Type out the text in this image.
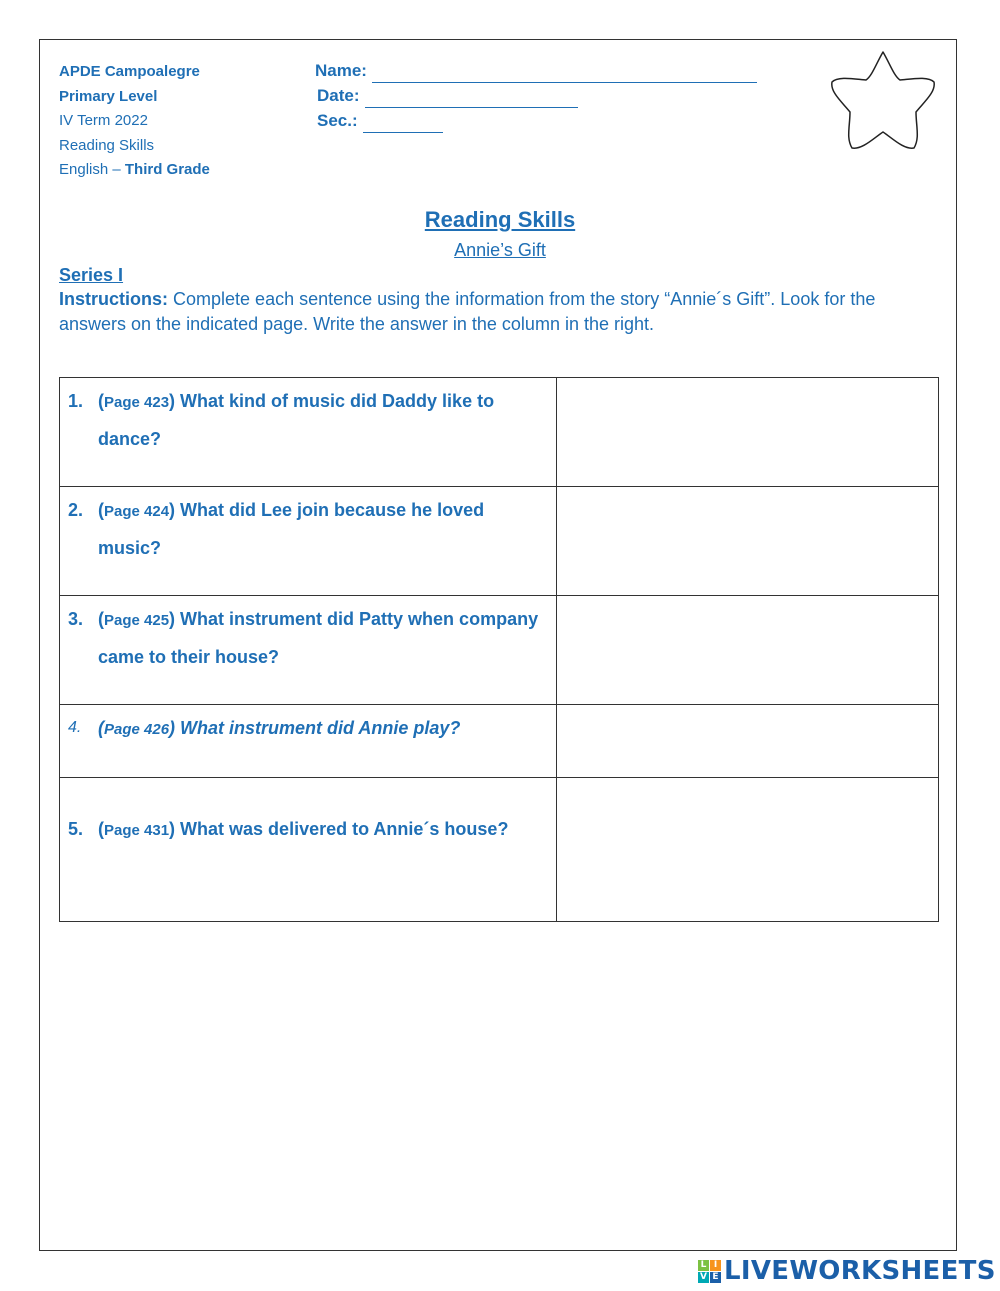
APDE Campoalegre
Primary Level
IV Term 2022
Reading Skills
English – Third Grade
Name:
Date:
Sec.:
Reading Skills
Annie’s Gift
Series I
Instructions: Complete each sentence using the information from the story “Annie´s Gift”. Look for the answers on the indicated page. Write the answer in the column in the right.
1. (Page 423) What kind of music did Daddy like to dance?	

2. (Page 424) What did Lee join because he loved music?	

3. (Page 425) What instrument did Patty when company came to their house?	

4. (Page 426) What instrument did Annie play?	

5. (Page 431) What was delivered to Annie´s house?	

L I
V E LIVEWORKSHEETS
